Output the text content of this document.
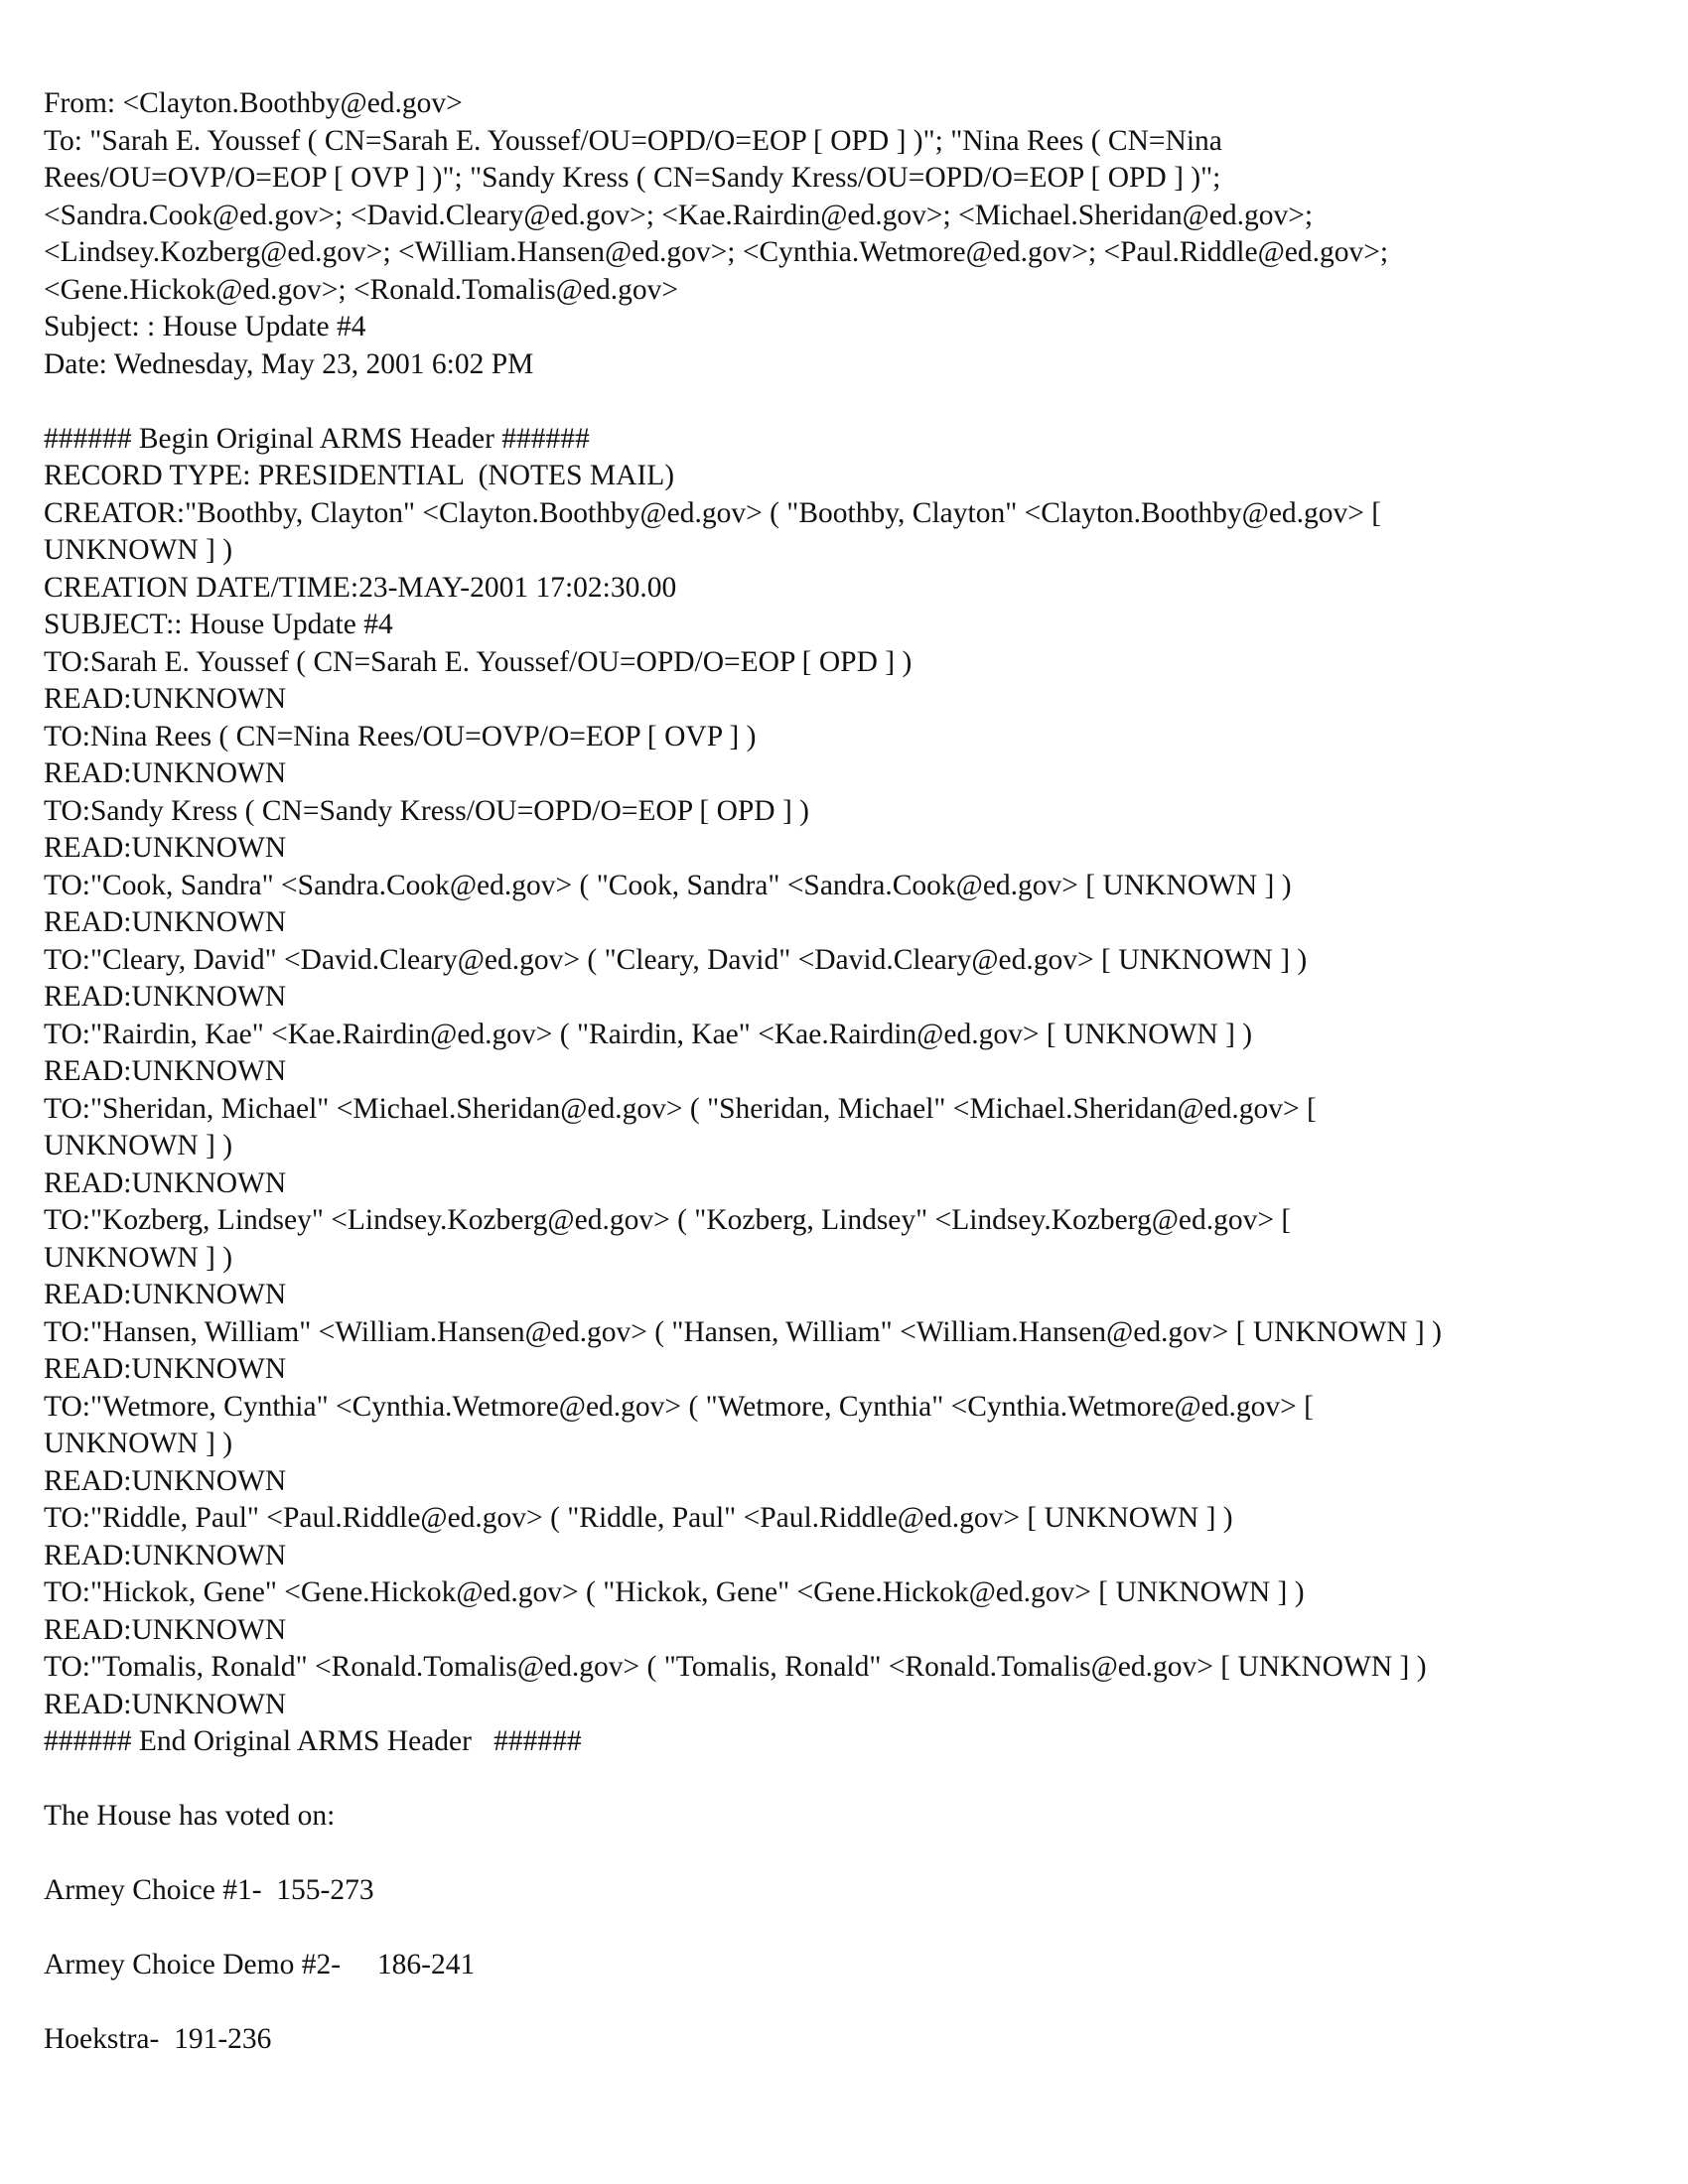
From: <Clayton.Boothby@ed.gov>
To: "Sarah E. Youssef ( CN=Sarah E. Youssef/OU=OPD/O=EOP [ OPD ] )"; "Nina Rees ( CN=Nina
Rees/OU=OVP/O=EOP [ OVP ] )"; "Sandy Kress ( CN=Sandy Kress/OU=OPD/O=EOP [ OPD ] )";
<Sandra.Cook@ed.gov>; <David.Cleary@ed.gov>; <Kae.Rairdin@ed.gov>; <Michael.Sheridan@ed.gov>;
<Lindsey.Kozberg@ed.gov>; <William.Hansen@ed.gov>; <Cynthia.Wetmore@ed.gov>; <Paul.Riddle@ed.gov>;
<Gene.Hickok@ed.gov>; <Ronald.Tomalis@ed.gov>
Subject: : House Update #4
Date: Wednesday, May 23, 2001 6:02 PM
###### Begin Original ARMS Header ######
RECORD TYPE: PRESIDENTIAL  (NOTES MAIL)
CREATOR:"Boothby, Clayton" <Clayton.Boothby@ed.gov> ( "Boothby, Clayton" <Clayton.Boothby@ed.gov> [
UNKNOWN ] )
CREATION DATE/TIME:23-MAY-2001 17:02:30.00
SUBJECT:: House Update #4
TO:Sarah E. Youssef ( CN=Sarah E. Youssef/OU=OPD/O=EOP [ OPD ] )
READ:UNKNOWN
TO:Nina Rees ( CN=Nina Rees/OU=OVP/O=EOP [ OVP ] )
READ:UNKNOWN
TO:Sandy Kress ( CN=Sandy Kress/OU=OPD/O=EOP [ OPD ] )
READ:UNKNOWN
TO:"Cook, Sandra" <Sandra.Cook@ed.gov> ( "Cook, Sandra" <Sandra.Cook@ed.gov> [ UNKNOWN ] )
READ:UNKNOWN
TO:"Cleary, David" <David.Cleary@ed.gov> ( "Cleary, David" <David.Cleary@ed.gov> [ UNKNOWN ] )
READ:UNKNOWN
TO:"Rairdin, Kae" <Kae.Rairdin@ed.gov> ( "Rairdin, Kae" <Kae.Rairdin@ed.gov> [ UNKNOWN ] )
READ:UNKNOWN
TO:"Sheridan, Michael" <Michael.Sheridan@ed.gov> ( "Sheridan, Michael" <Michael.Sheridan@ed.gov> [
UNKNOWN ] )
READ:UNKNOWN
TO:"Kozberg, Lindsey" <Lindsey.Kozberg@ed.gov> ( "Kozberg, Lindsey" <Lindsey.Kozberg@ed.gov> [
UNKNOWN ] )
READ:UNKNOWN
TO:"Hansen, William" <William.Hansen@ed.gov> ( "Hansen, William" <William.Hansen@ed.gov> [ UNKNOWN ] )
READ:UNKNOWN
TO:"Wetmore, Cynthia" <Cynthia.Wetmore@ed.gov> ( "Wetmore, Cynthia" <Cynthia.Wetmore@ed.gov> [
UNKNOWN ] )
READ:UNKNOWN
TO:"Riddle, Paul" <Paul.Riddle@ed.gov> ( "Riddle, Paul" <Paul.Riddle@ed.gov> [ UNKNOWN ] )
READ:UNKNOWN
TO:"Hickok, Gene" <Gene.Hickok@ed.gov> ( "Hickok, Gene" <Gene.Hickok@ed.gov> [ UNKNOWN ] )
READ:UNKNOWN
TO:"Tomalis, Ronald" <Ronald.Tomalis@ed.gov> ( "Tomalis, Ronald" <Ronald.Tomalis@ed.gov> [ UNKNOWN ] )
READ:UNKNOWN
###### End Original ARMS Header   ######
The House has voted on:
Armey Choice #1-  155-273
Armey Choice Demo #2-     186-241
Hoekstra-  191-236
